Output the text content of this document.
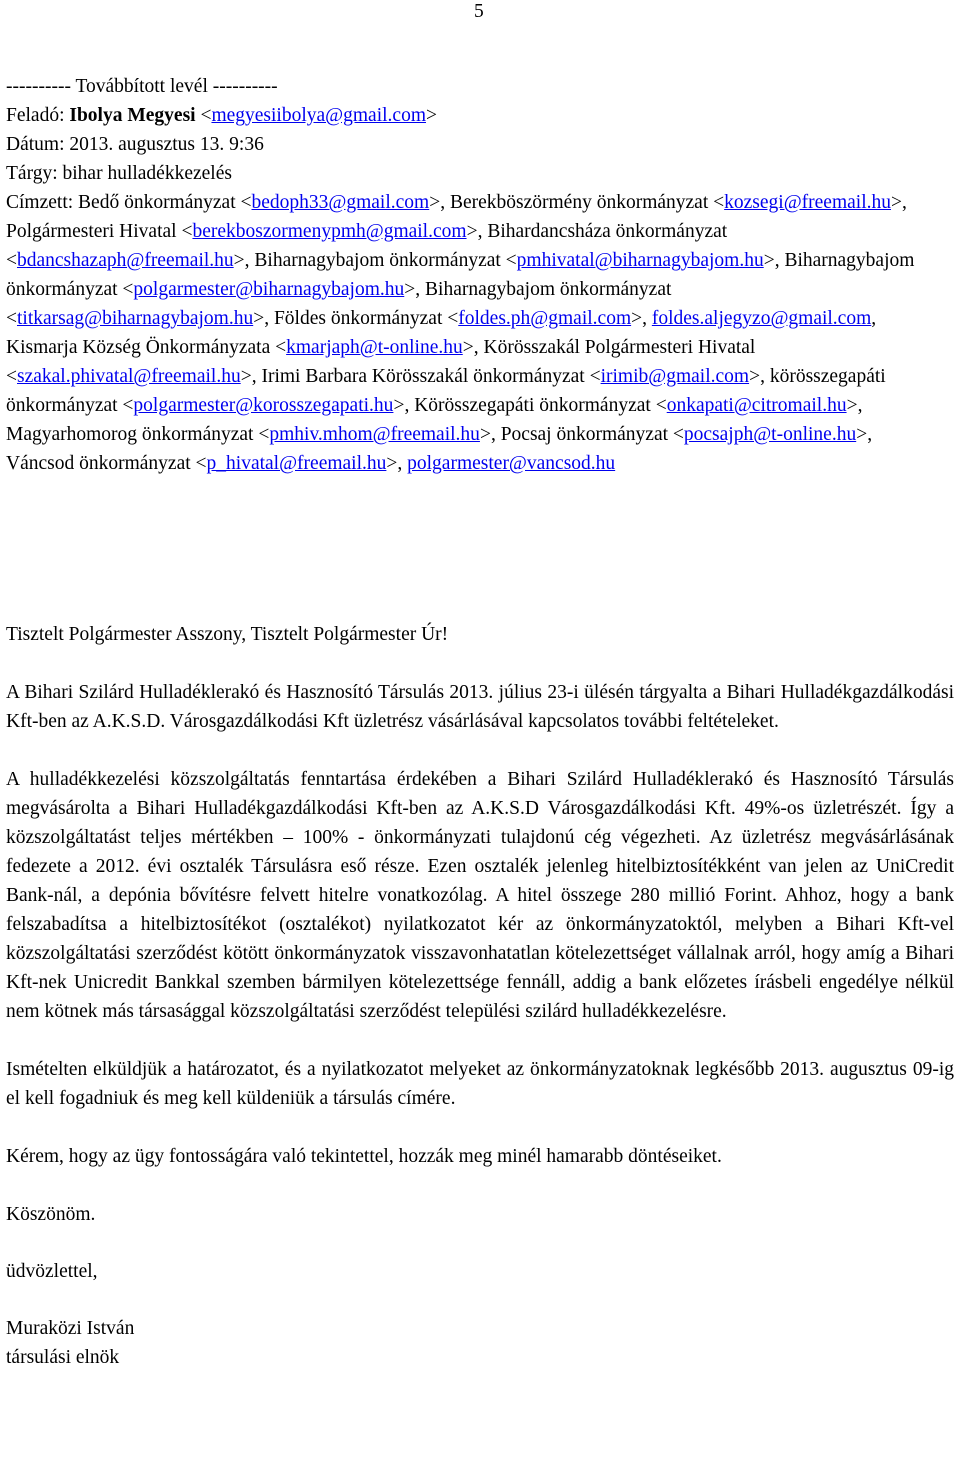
5
---------- Továbbított levél ----------
Feladó: Ibolya Megyesi <megyesiibolya@gmail.com>
Dátum: 2013. augusztus 13. 9:36
Tárgy: bihar hulladékkezelés
Címzett: Bedő önkormányzat <bedoph33@gmail.com>, Berekböszörmény önkormányzat <kozsegi@freemail.hu>, Polgármesteri Hivatal <berekboszormenypmh@gmail.com>, Bihardancsháza önkormányzat <bdancshazaph@freemail.hu>, Biharnagybajom önkormányzat <pmhivatal@biharnagybajom.hu>, Biharnagybajom önkormányzat <polgarmester@biharnagybajom.hu>, Biharnagybajom önkormányzat <titkarsag@biharnagybajom.hu>, Földes önkormányzat <foldes.ph@gmail.com>, foldes.aljegyzo@gmail.com, Kismarja Község Önkormányzata <kmarjaph@t-online.hu>, Körösszakál Polgármesteri Hivatal <szakal.phivatal@freemail.hu>, Irimi Barbara Körösszakál önkormányzat <irimib@gmail.com>, körösszegapáti önkormányzat <polgarmester@korosszegapati.hu>, Körösszegapáti önkormányzat <onkapati@citromail.hu>, Magyarhomorog önkormányzat <pmhiv.mhom@freemail.hu>, Pocsaj önkormányzat <pocsajph@t-online.hu>, Váncsod önkormányzat <p_hivatal@freemail.hu>, polgarmester@vancsod.hu

Tisztelt Polgármester Asszony, Tisztelt Polgármester Úr!

A Bihari Szilárd Hulladéklerakó és Hasznosító Társulás 2013. július 23-i ülésén tárgyalta a Bihari Hulladékgazdálkodási Kft-ben az A.K.S.D. Városgazdálkodási Kft üzletrész vásárlásával kapcsolatos további feltételeket.

A hulladékkezelési közszolgáltatás fenntartása érdekében a Bihari Szilárd Hulladéklerakó és Hasznosító Társulás megvásárolta a Bihari Hulladékgazdálkodási Kft-ben az A.K.S.D Városgazdálkodási Kft. 49%-os üzletrészét. Így a közszolgáltatást teljes mértékben – 100% - önkormányzati tulajdonú cég végezheti. Az üzletrész megvásárlásának fedezete a 2012. évi osztalék Társulásra eső része. Ezen osztalék jelenleg hitelbiztosítékként van jelen az UniCredit Bank-nál, a depónia bővítésre felvett hitelre vonatkozólag. A hitel összege 280 millió Forint. Ahhoz, hogy a bank felszabadítsa a hitelbiztosítékot (osztalékot) nyilatkozatot kér az önkormányzatoktól, melyben a Bihari Kft-vel közszolgáltatási szerződést kötött önkormányzatok visszavonhatatlan kötelezettséget vállalnak arról, hogy amíg a Bihari Kft-nek Unicredit Bankkal szemben bármilyen kötelezettsége fennáll, addig a bank előzetes írásbeli engedélye nélkül nem kötnek más társasággal közszolgáltatási szerződést települési szilárd hulladékkezelésre.

Ismételten elküldjük a határozatot, és a nyilatkozatot melyeket az önkormányzatoknak legkésőbb 2013. augusztus 09-ig el kell fogadniuk és meg kell küldeniük a társulás címére.

Kérem, hogy az ügy fontosságára való tekintettel, hozzák meg minél hamarabb döntéseiket.

Köszönöm.

üdvözlettel,

Muraközi István
társulási elnök
